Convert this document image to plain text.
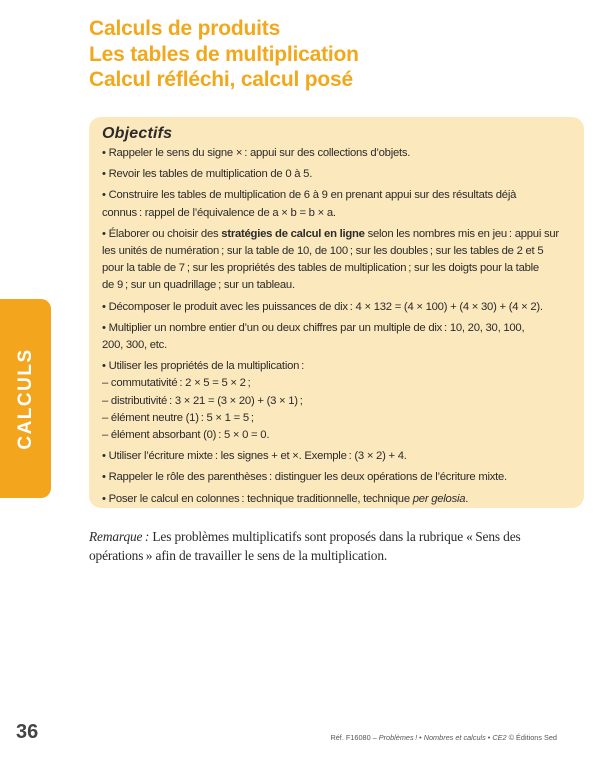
Calculs de produits
Les tables de multiplication
Calcul réfléchi, calcul posé
CALCULS
Objectifs
• Rappeler le sens du signe × : appui sur des collections d’objets.
• Revoir les tables de multiplication de 0 à 5.
• Construire les tables de multiplication de 6 à 9 en prenant appui sur des résultats déjà
connus : rappel de l’équivalence de a × b = b × a.
• Élaborer ou choisir des stratégies de calcul en ligne selon les nombres mis en jeu : appui sur
les unités de numération ; sur la table de 10, de 100 ; sur les doubles ; sur les tables de 2 et 5
pour la table de 7 ; sur les propriétés des tables de multiplication ; sur les doigts pour la table
de 9 ; sur un quadrillage ; sur un tableau.
• Décomposer le produit avec les puissances de dix : 4 × 132 = (4 × 100) + (4 × 30) + (4 × 2).
• Multiplier un nombre entier d’un ou deux chiffres par un multiple de dix : 10, 20, 30, 100,
200, 300, etc.
• Utiliser les propriétés de la multiplication :
– commutativité : 2 × 5 = 5 × 2 ;
– distributivité : 3 × 21 = (3 × 20) + (3 × 1) ;
– élément neutre (1) : 5 × 1 = 5 ;
– élément absorbant (0) : 5 × 0 = 0.
• Utiliser l’écriture mixte : les signes + et ×. Exemple : (3 × 2) + 4.
• Rappeler le rôle des parenthèses : distinguer les deux opérations de l’écriture mixte.
• Poser le calcul en colonnes : technique traditionnelle, technique per gelosia.
Remarque : Les problèmes multiplicatifs sont proposés dans la rubrique « Sens des
opérations » afin de travailler le sens de la multiplication.
36	Réf. F16080 – Problèmes ! • Nombres et calculs • CE2 © Éditions Sed
